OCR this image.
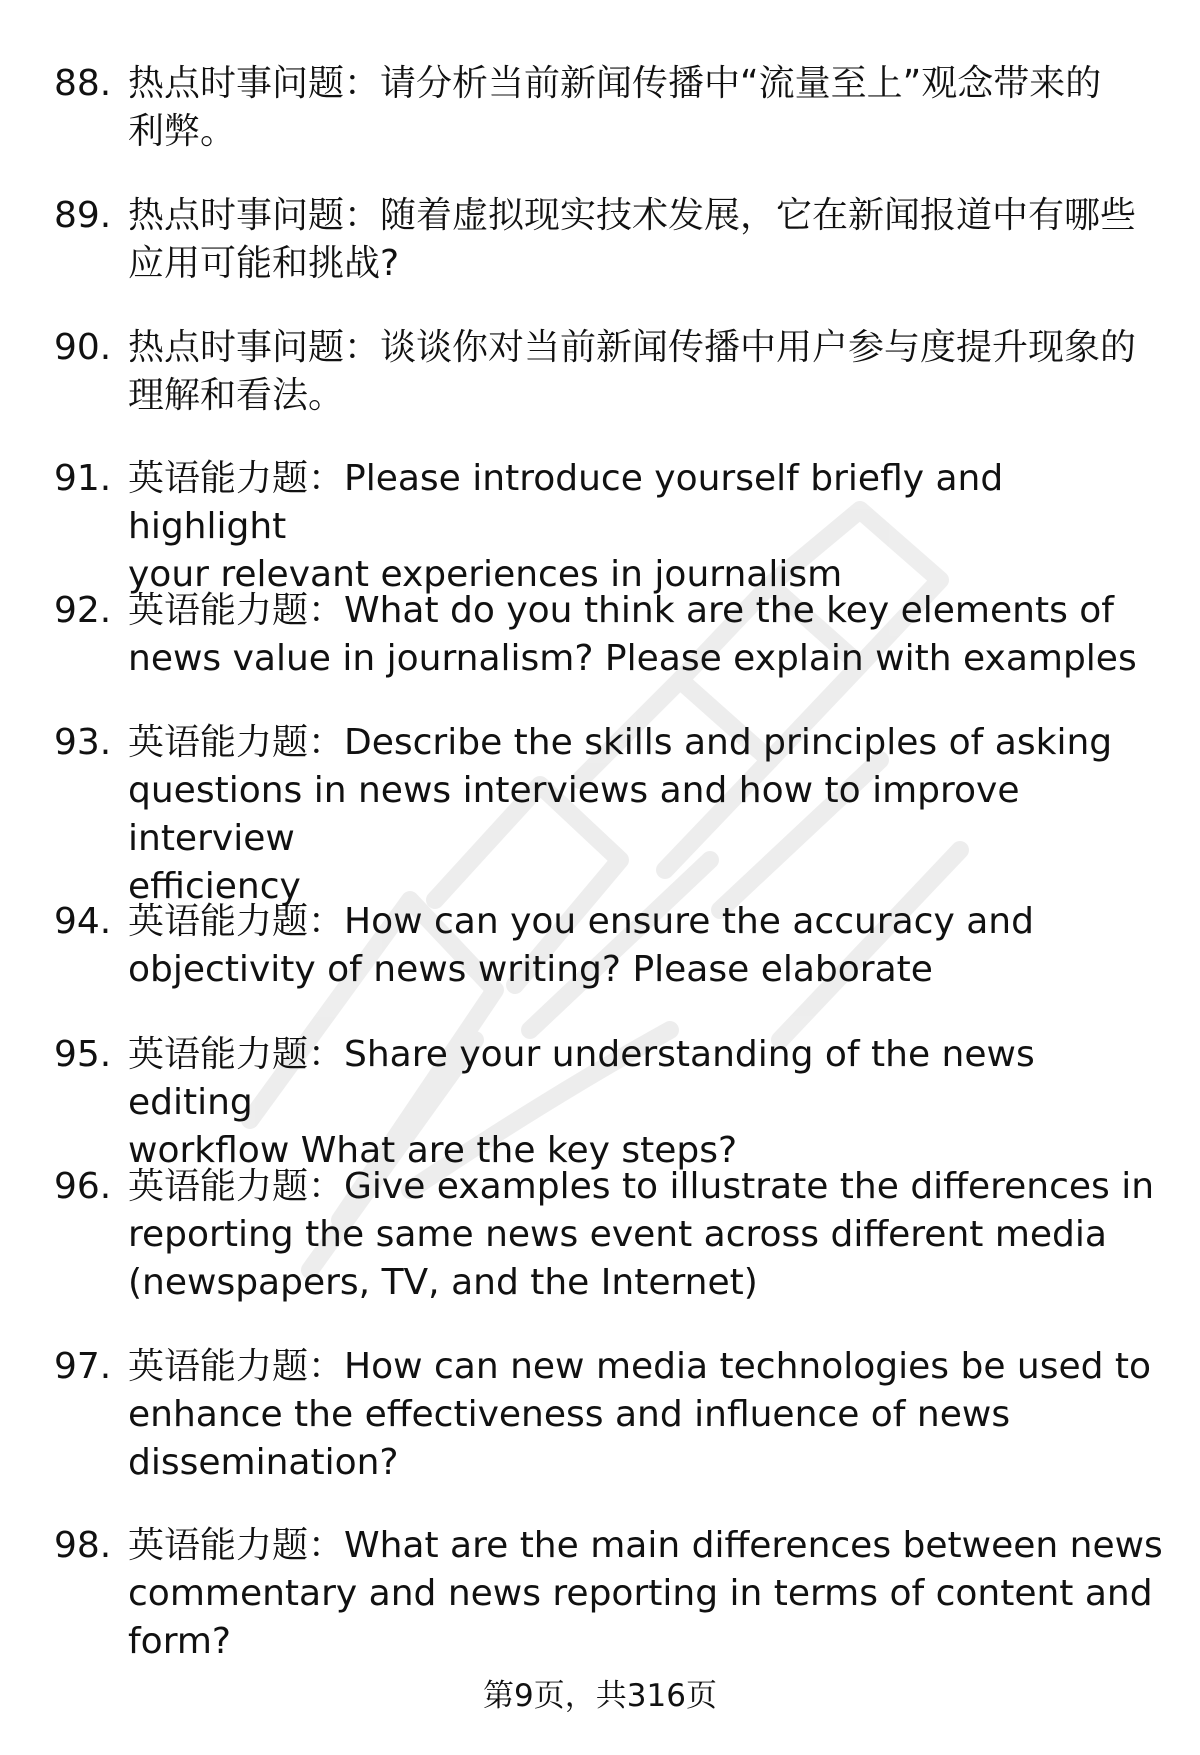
88. 热点时事问题：请分析当前新闻传播中“流量至上”观念带来的
利弊。
89. 热点时事问题：随着虚拟现实技术发展，它在新闻报道中有哪些
应用可能和挑战?
90. 热点时事问题：谈谈你对当前新闻传播中用户参与度提升现象的
理解和看法。
91. 英语能力题：Please introduce yourself briefly and highlight
your relevant experiences in journalism
92. 英语能力题：What do you think are the key elements of
news value in journalism? Please explain with examples
93. 英语能力题：Describe the skills and principles of asking
questions in news interviews and how to improve interview
efficiency
94. 英语能力题：How can you ensure the accuracy and
objectivity of news writing? Please elaborate
95. 英语能力题：Share your understanding of the news editing
workflow What are the key steps?
96. 英语能力题：Give examples to illustrate the differences in
reporting the same news event across different media
(newspapers, TV, and the Internet)
97. 英语能力题：How can new media technologies be used to
enhance the effectiveness and influence of news
dissemination?
98. 英语能力题：What are the main differences between news
commentary and news reporting in terms of content and
form?
第9页，共316页
